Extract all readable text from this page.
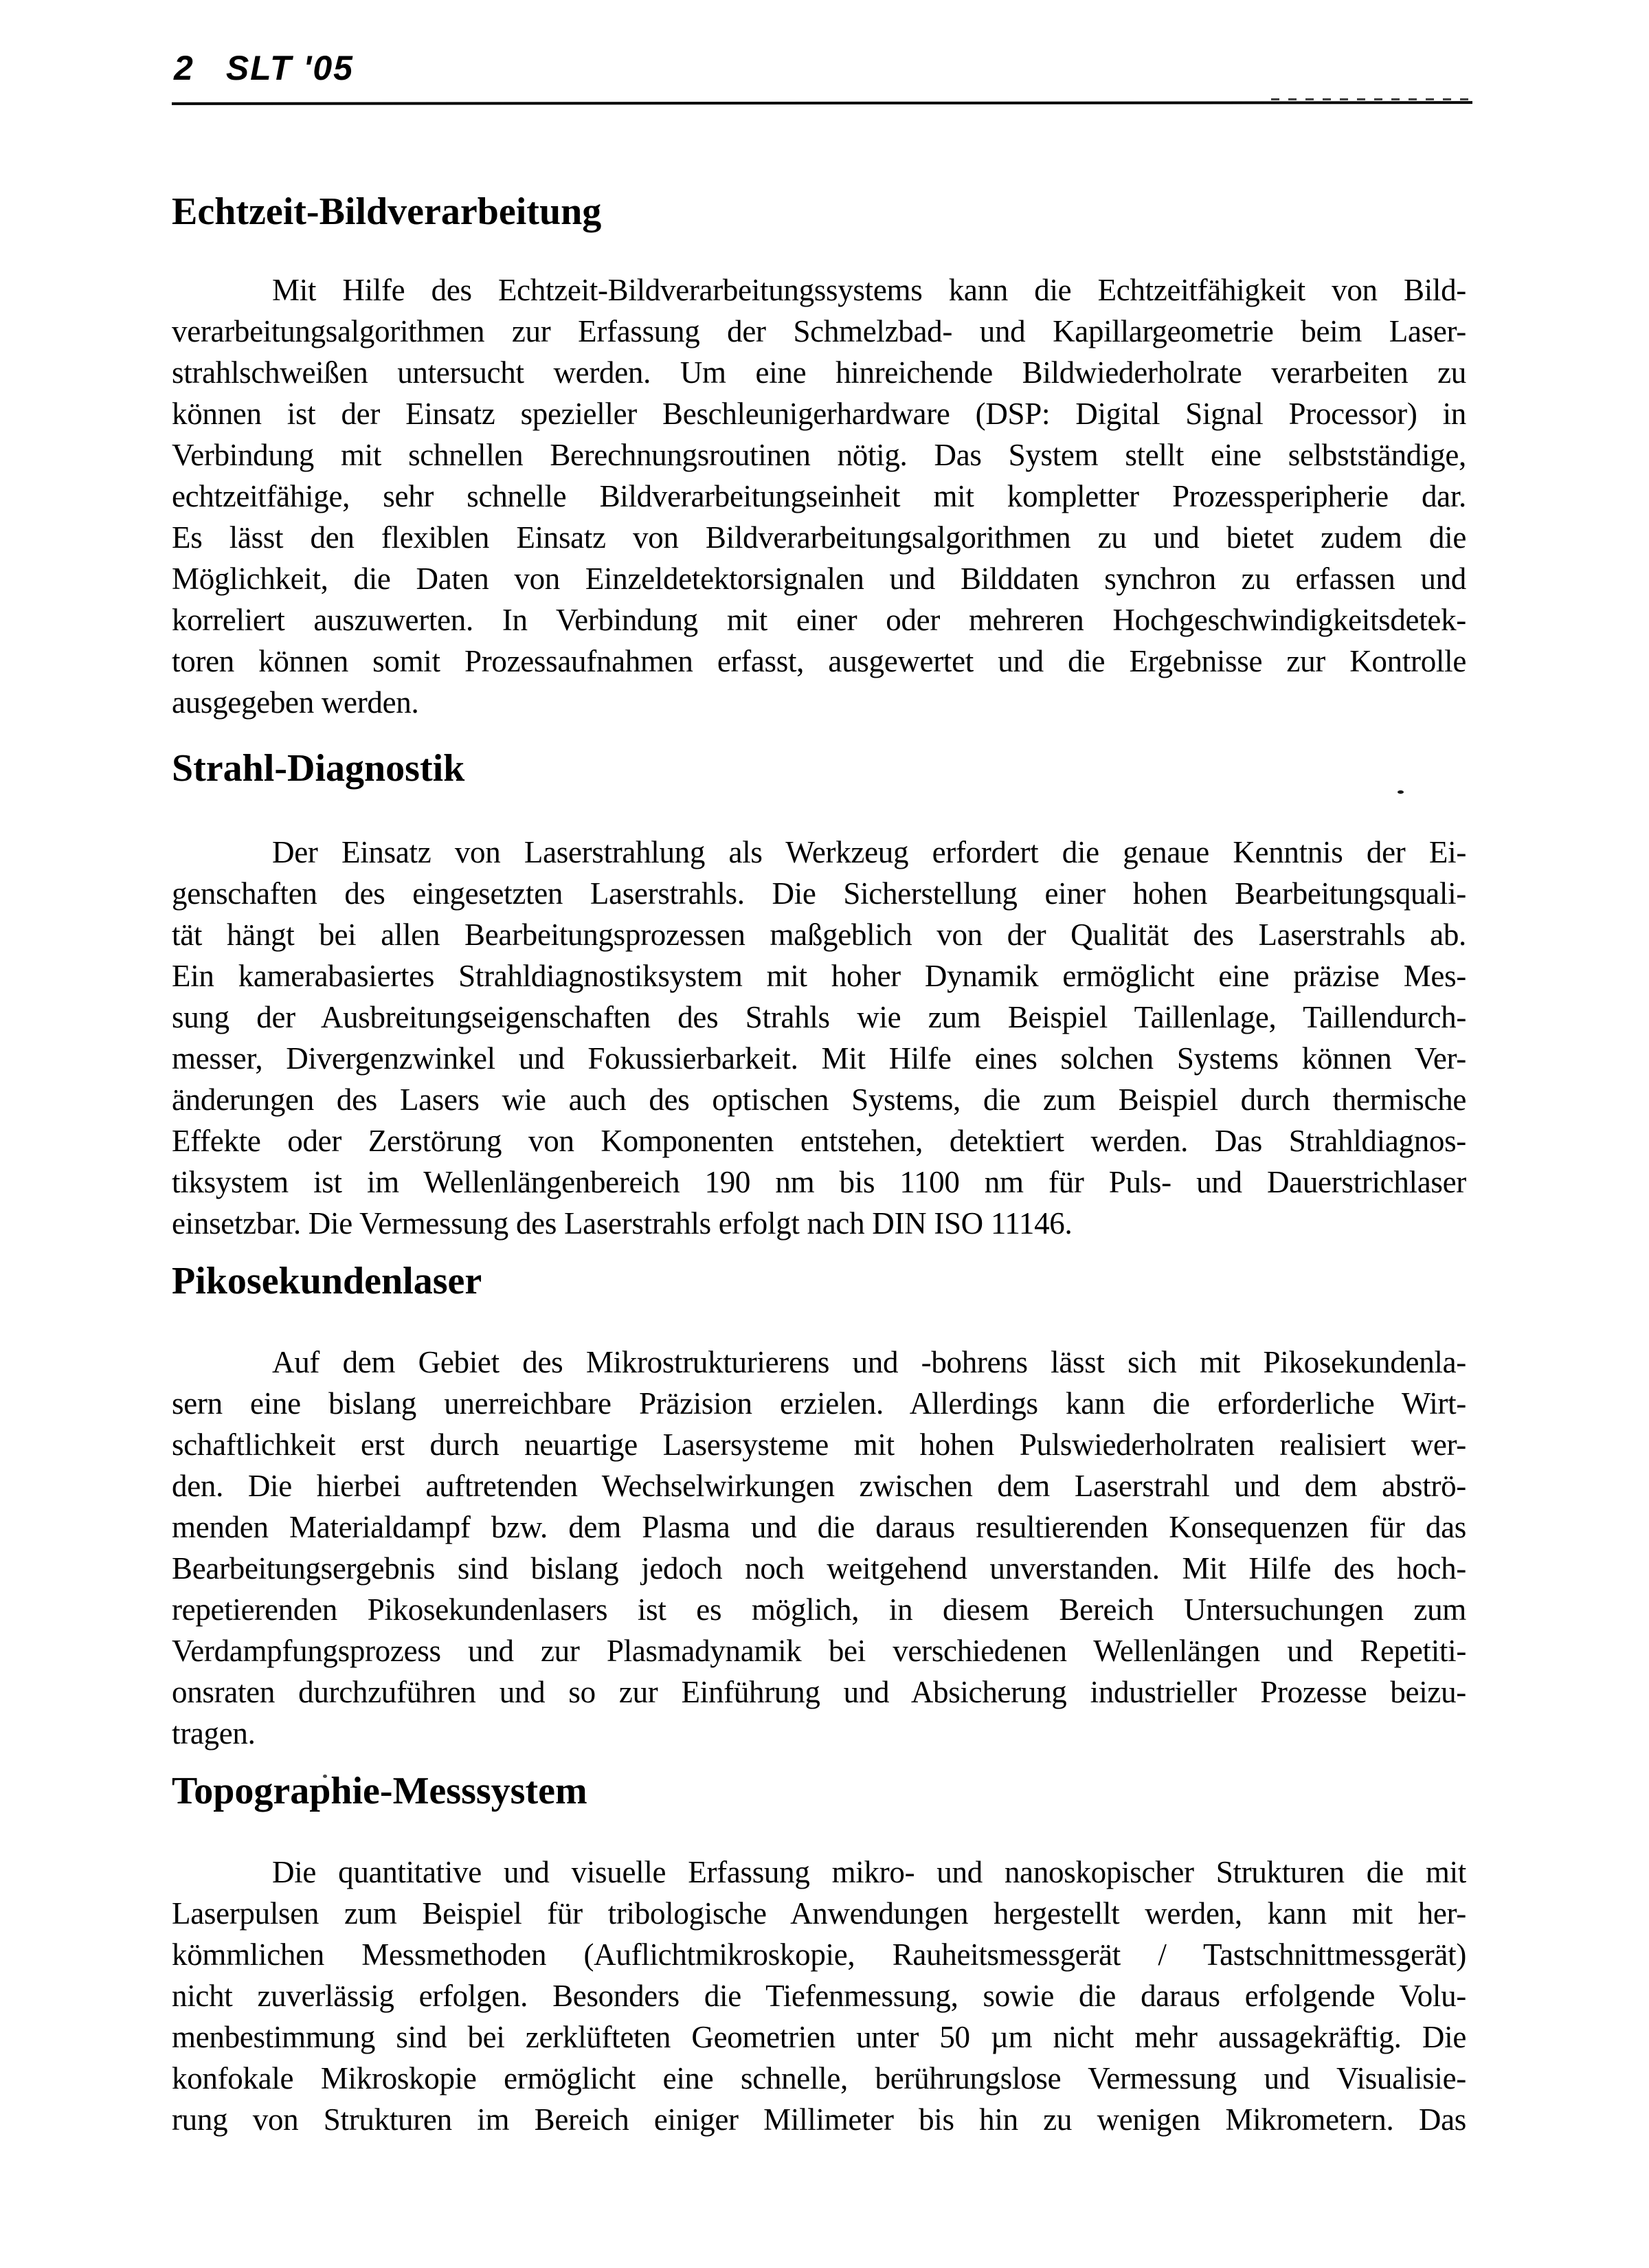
2 SLT '05
Echtzeit-Bildverarbeitung
Mit Hilfe des Echtzeit-Bildverarbeitungssystems kann die Echtzeitfähigkeit von Bild-
verarbeitungsalgorithmen zur Erfassung der Schmelzbad- und Kapillargeometrie beim Laser-
strahlschweißen untersucht werden. Um eine hinreichende Bildwiederholrate verarbeiten zu
können ist der Einsatz spezieller Beschleunigerhardware (DSP: Digital Signal Processor) in
Verbindung mit schnellen Berechnungsroutinen nötig. Das System stellt eine selbstständige,
echtzeitfähige, sehr schnelle Bildverarbeitungseinheit mit kompletter Prozessperipherie dar.
Es lässt den flexiblen Einsatz von Bildverarbeitungsalgorithmen zu und bietet zudem die
Möglichkeit, die Daten von Einzeldetektorsignalen und Bilddaten synchron zu erfassen und
korreliert auszuwerten. In Verbindung mit einer oder mehreren Hochgeschwindigkeitsdetek-
toren können somit Prozessaufnahmen erfasst, ausgewertet und die Ergebnisse zur Kontrolle
ausgegeben werden.
Strahl-Diagnostik
Der Einsatz von Laserstrahlung als Werkzeug erfordert die genaue Kenntnis der Ei-
genschaften des eingesetzten Laserstrahls. Die Sicherstellung einer hohen Bearbeitungsquali-
tät hängt bei allen Bearbeitungsprozessen maßgeblich von der Qualität des Laserstrahls ab.
Ein kamerabasiertes Strahldiagnostiksystem mit hoher Dynamik ermöglicht eine präzise Mes-
sung der Ausbreitungseigenschaften des Strahls wie zum Beispiel Taillenlage, Taillendurch-
messer, Divergenzwinkel und Fokussierbarkeit. Mit Hilfe eines solchen Systems können Ver-
änderungen des Lasers wie auch des optischen Systems, die zum Beispiel durch thermische
Effekte oder Zerstörung von Komponenten entstehen, detektiert werden. Das Strahldiagnos-
tiksystem ist im Wellenlängenbereich 190 nm bis 1100 nm für Puls- und Dauerstrichlaser
einsetzbar. Die Vermessung des Laserstrahls erfolgt nach DIN ISO 11146.
Pikosekundenlaser
Auf dem Gebiet des Mikrostrukturierens und -bohrens lässt sich mit Pikosekundenla-
sern eine bislang unerreichbare Präzision erzielen. Allerdings kann die erforderliche Wirt-
schaftlichkeit erst durch neuartige Lasersysteme mit hohen Pulswiederholraten realisiert wer-
den. Die hierbei auftretenden Wechselwirkungen zwischen dem Laserstrahl und dem abströ-
menden Materialdampf bzw. dem Plasma und die daraus resultierenden Konsequenzen für das
Bearbeitungsergebnis sind bislang jedoch noch weitgehend unverstanden. Mit Hilfe des hoch-
repetierenden Pikosekundenlasers ist es möglich, in diesem Bereich Untersuchungen zum
Verdampfungsprozess und zur Plasmadynamik bei verschiedenen Wellenlängen und Repetiti-
onsraten durchzuführen und so zur Einführung und Absicherung industrieller Prozesse beizu-
tragen.
Topographie-Messsystem
Die quantitative und visuelle Erfassung mikro- und nanoskopischer Strukturen die mit
Laserpulsen zum Beispiel für tribologische Anwendungen hergestellt werden, kann mit her-
kömmlichen Messmethoden (Auflichtmikroskopie, Rauheitsmessgerät / Tastschnittmessgerät)
nicht zuverlässig erfolgen. Besonders die Tiefenmessung, sowie die daraus erfolgende Volu-
menbestimmung sind bei zerklüfteten Geometrien unter 50 µm nicht mehr aussagekräftig. Die
konfokale Mikroskopie ermöglicht eine schnelle, berührungslose Vermessung und Visualisie-
rung von Strukturen im Bereich einiger Millimeter bis hin zu wenigen Mikrometern. Das
